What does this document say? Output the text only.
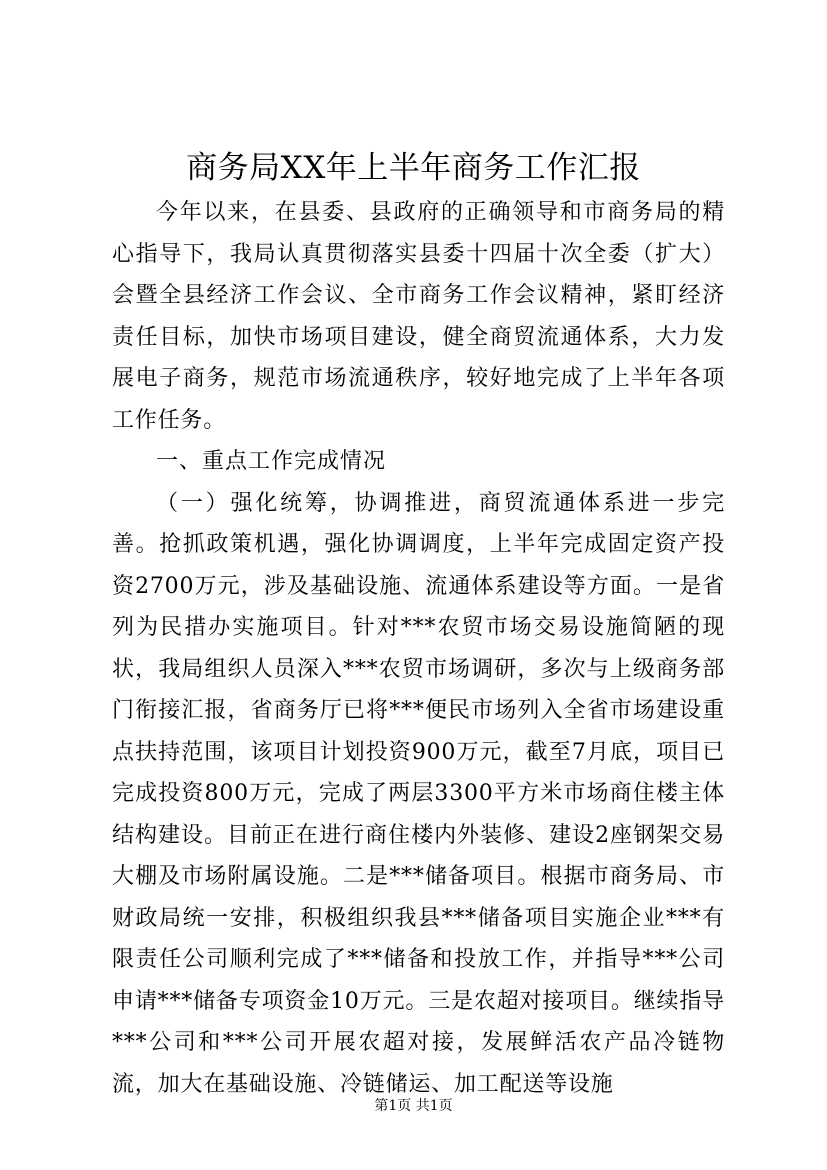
商务局XX年上半年商务工作汇报

今年以来，在县委、县政府的正确领导和市商务局的精心指导下，我局认真贯彻落实县委十四届十次全委（扩大）会暨全县经济工作会议、全市商务工作会议精神，紧盯经济责任目标，加快市场项目建设，健全商贸流通体系，大力发展电子商务，规范市场流通秩序，较好地完成了上半年各项工作任务。

一、重点工作完成情况

（一）强化统筹，协调推进，商贸流通体系进一步完善。抢抓政策机遇，强化协调调度，上半年完成固定资产投资2700万元，涉及基础设施、流通体系建设等方面。一是省列为民措办实施项目。针对***农贸市场交易设施简陋的现状，我局组织人员深入***农贸市场调研，多次与上级商务部门衔接汇报，省商务厅已将***便民市场列入全省市场建设重点扶持范围，该项目计划投资900万元，截至7月底，项目已完成投资800万元，完成了两层3300平方米市场商住楼主体结构建设。目前正在进行商住楼内外装修、建设2座钢架交易大棚及市场附属设施。二是***储备项目。根据市商务局、市财政局统一安排，积极组织我县***储备项目实施企业***有限责任公司顺利完成了***储备和投放工作，并指导***公司申请***储备专项资金10万元。三是农超对接项目。继续指导***公司和***公司开展农超对接，发展鲜活农产品冷链物流，加大在基础设施、冷链储运、加工配送等设施

第1页 共1页
